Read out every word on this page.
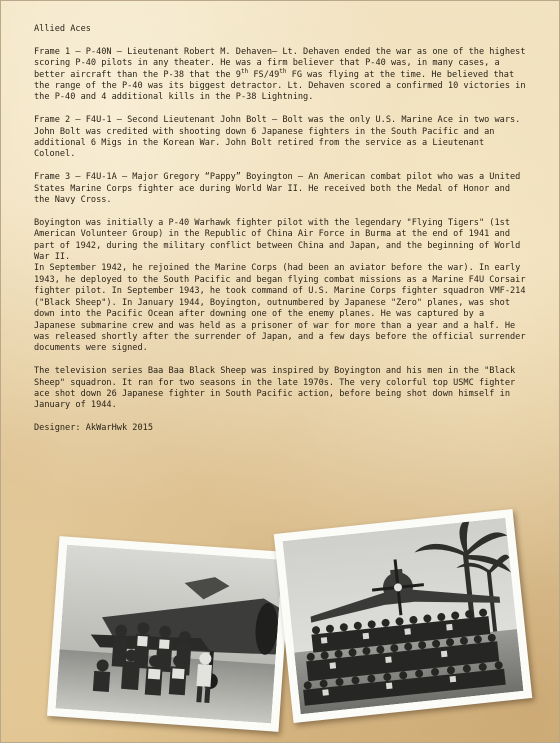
Allied Aces

Frame 1 – P-40N – Lieutenant Robert M. Dehaven– Lt. Dehaven ended the war as one of the highest scoring P-40 pilots in any theater. He was a firm believer that P-40 was, in many cases, a better aircraft than the P-38 that the 9th FS/49th FG was flying at the time. He believed that the range of the P-40 was its biggest detractor. Lt. Dehaven scored a confirmed 10 victories in the P-40 and 4 additional kills in the P-38 Lightning.

Frame 2 – F4U-1 – Second Lieutenant John Bolt – Bolt was the only U.S. Marine Ace in two wars. John Bolt was credited with shooting down 6 Japanese fighters in the South Pacific and an additional 6 Migs in the Korean War. John Bolt retired from the service as a Lieutenant Colonel.

Frame 3 – F4U-1A – Major Gregory “Pappy” Boyington – An American combat pilot who was a United States Marine Corps fighter ace during World War II. He received both the Medal of Honor and the Navy Cross.

Boyington was initially a P-40 Warhawk fighter pilot with the legendary "Flying Tigers" (1st American Volunteer Group) in the Republic of China Air Force in Burma at the end of 1941 and part of 1942, during the military conflict between China and Japan, and the beginning of World War II.

In September 1942, he rejoined the Marine Corps (had been an aviator before the war). In early 1943, he deployed to the South Pacific and began flying combat missions as a Marine F4U Corsair fighter pilot. In September 1943, he took command of U.S. Marine Corps fighter squadron VMF-214 ("Black Sheep"). In January 1944, Boyington, outnumbered by Japanese "Zero" planes, was shot down into the Pacific Ocean after downing one of the enemy planes. He was captured by a Japanese submarine crew and was held as a prisoner of war for more than a year and a half. He was released shortly after the surrender of Japan, and a few days before the official surrender documents were signed.

The television series Baa Baa Black Sheep was inspired by Boyington and his men in the "Black Sheep" squadron. It ran for two seasons in the late 1970s. The very colorful top USMC fighter ace shot down 26 Japanese fighter in South Pacific action, before being shot down himself in January of 1944.

Designer: AkWarHwk 2015
